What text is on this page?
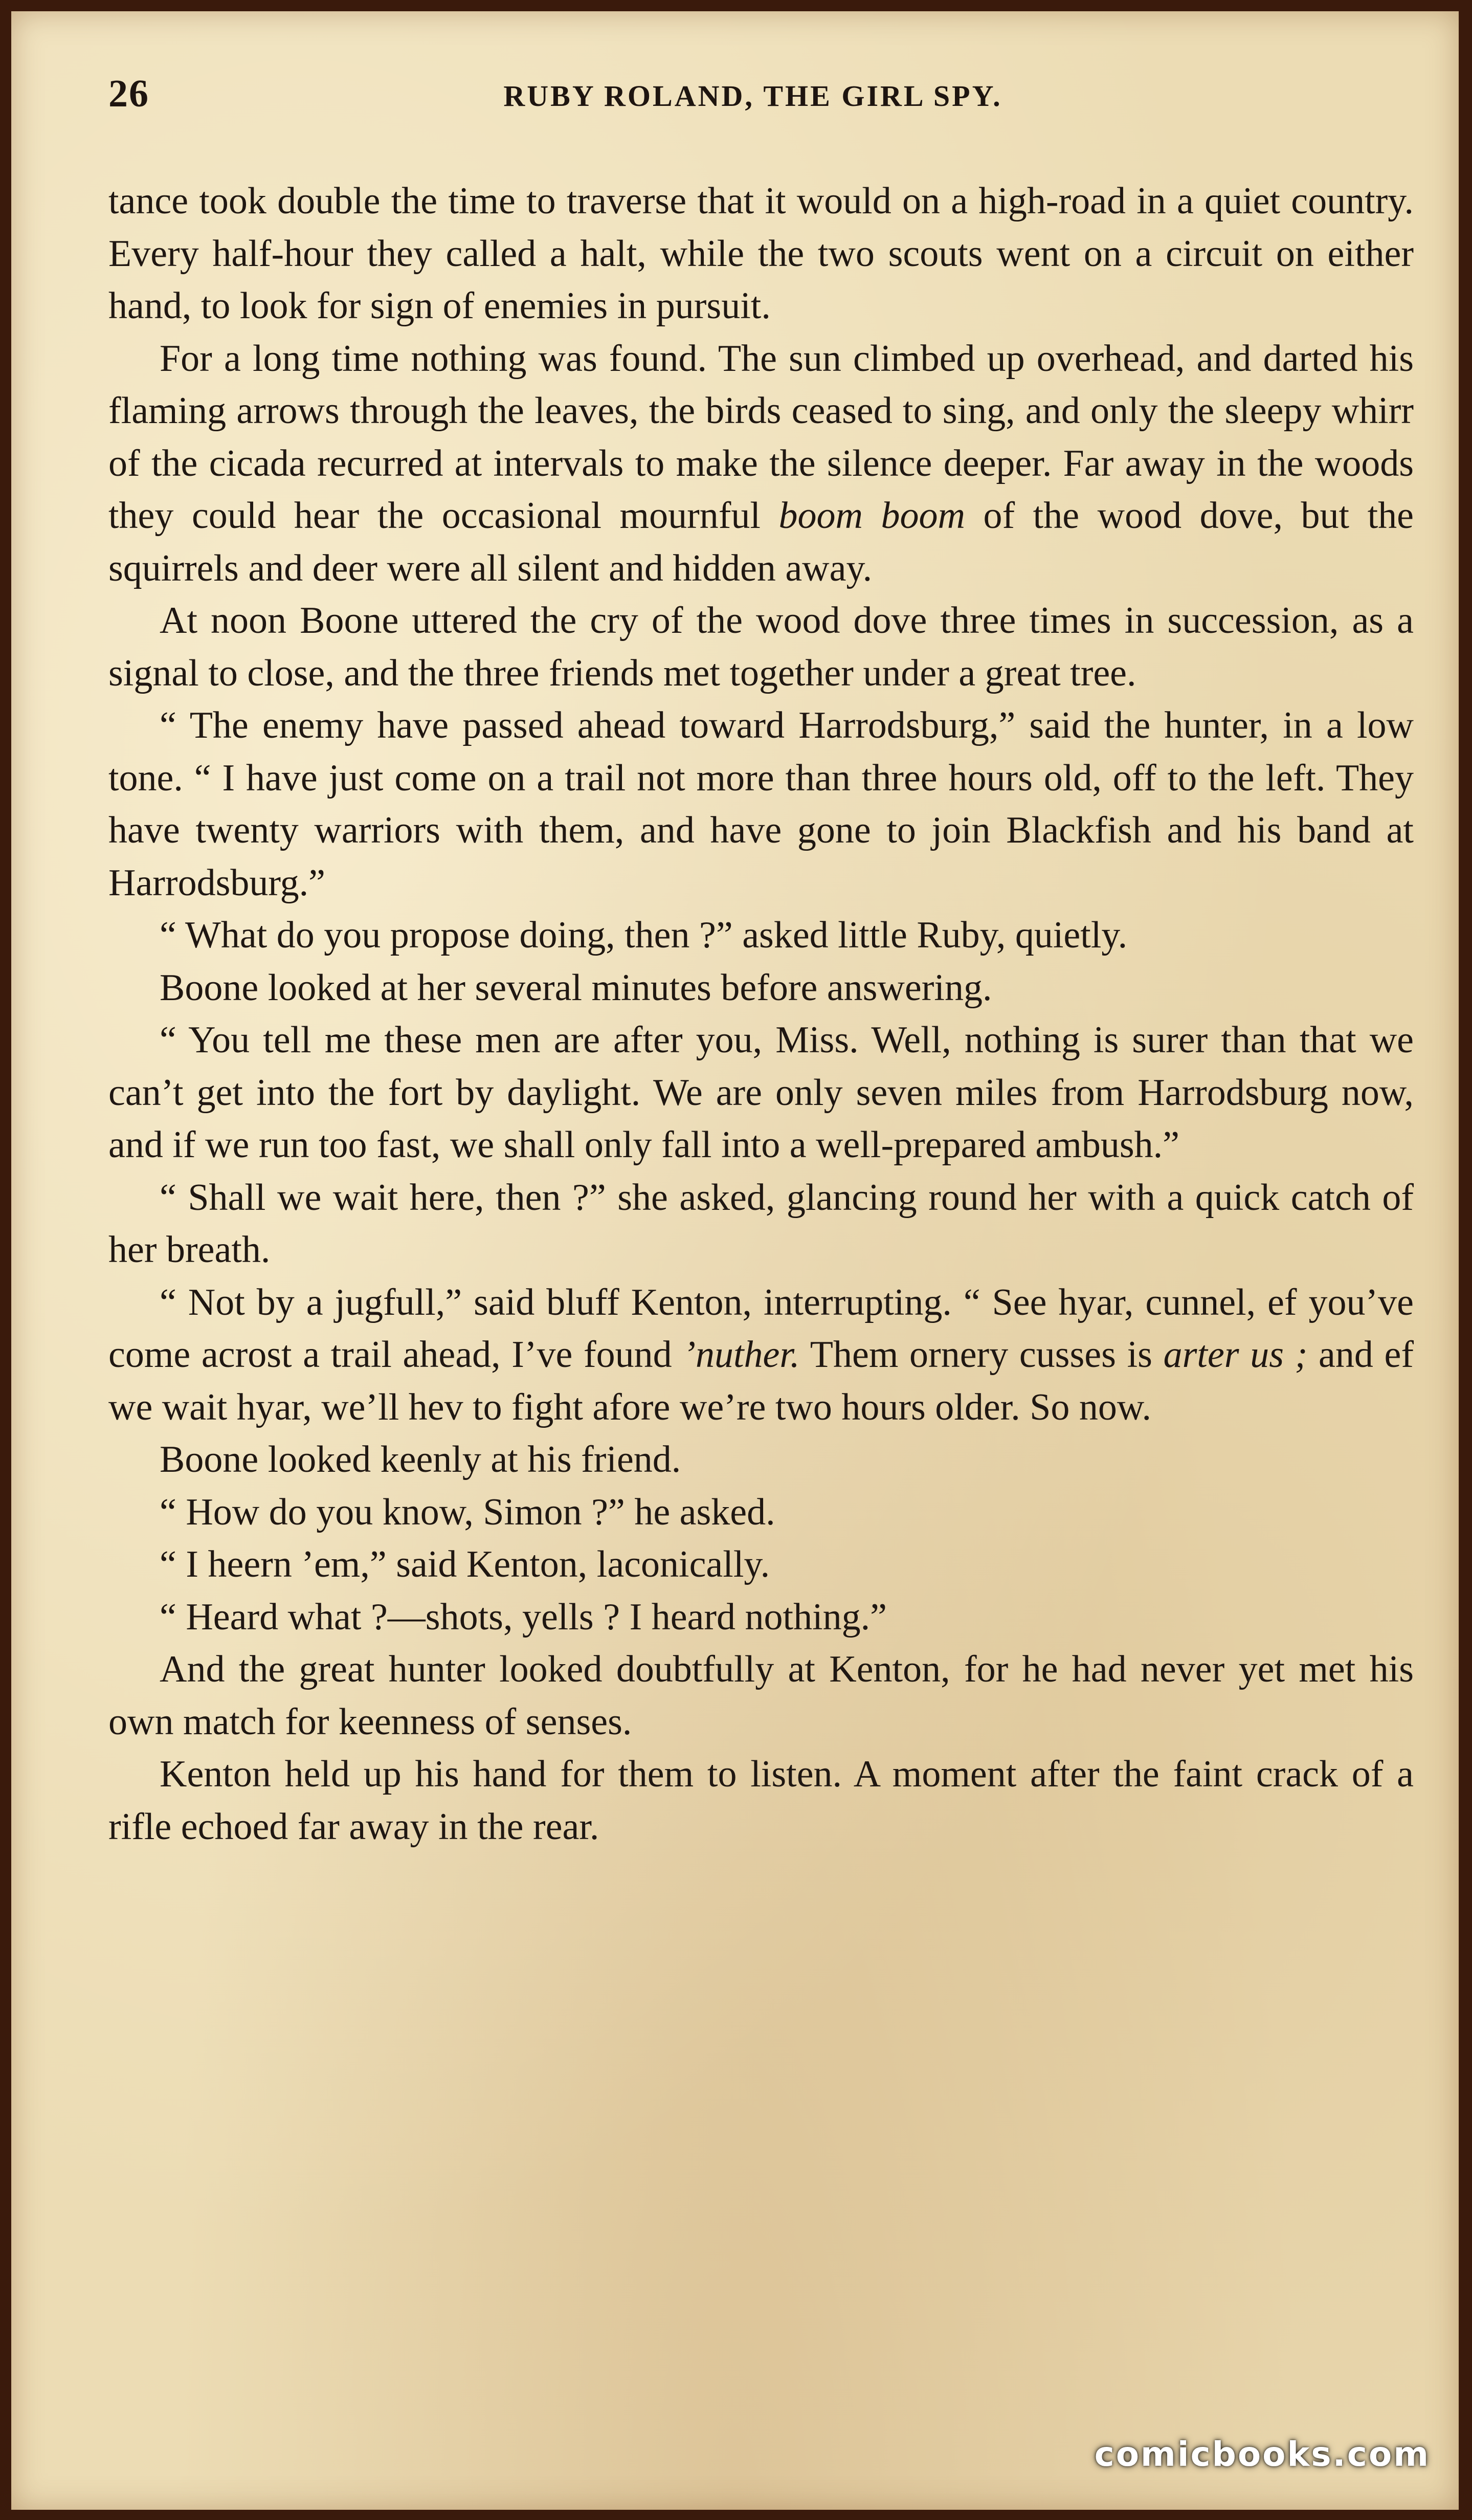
26	RUBY ROLAND, THE GIRL SPY.

tance took double the time to traverse that it would on a high-road in a quiet country. Every half-hour they called a halt, while the two scouts went on a circuit on either hand, to look for sign of enemies in pursuit.

For a long time nothing was found. The sun climbed up overhead, and darted his flaming arrows through the leaves, the birds ceased to sing, and only the sleepy whirr of the cicada recurred at intervals to make the silence deeper. Far away in the woods they could hear the occasional mournful boom boom of the wood dove, but the squirrels and deer were all silent and hidden away.

At noon Boone uttered the cry of the wood dove three times in succession, as a signal to close, and the three friends met together under a great tree.

“ The enemy have passed ahead toward Harrodsburg,” said the hunter, in a low tone. “ I have just come on a trail not more than three hours old, off to the left. They have twenty warriors with them, and have gone to join Blackfish and his band at Harrodsburg.”

“ What do you propose doing, then ?” asked little Ruby, quietly.

Boone looked at her several minutes before answering.

“ You tell me these men are after you, Miss. Well, nothing is surer than that we can’t get into the fort by daylight. We are only seven miles from Harrodsburg now, and if we run too fast, we shall only fall into a well-prepared ambush.”

“ Shall we wait here, then ?” she asked, glancing round her with a quick catch of her breath.

“ Not by a jugfull,” said bluff Kenton, interrupting. “ See hyar, cunnel, ef you’ve come acrost a trail ahead, I’ve found ’nuther. Them ornery cusses is arter us ; and ef we wait hyar, we’ll hev to fight afore we’re two hours older. So now.

Boone looked keenly at his friend.

“ How do you know, Simon ?” he asked.

“ I heern ’em,” said Kenton, laconically.

“ Heard what ?—shots, yells ? I heard nothing.”

And the great hunter looked doubtfully at Kenton, for he had never yet met his own match for keenness of senses.

Kenton held up his hand for them to listen. A moment after the faint crack of a rifle echoed far away in the rear.

comicbooks.com
